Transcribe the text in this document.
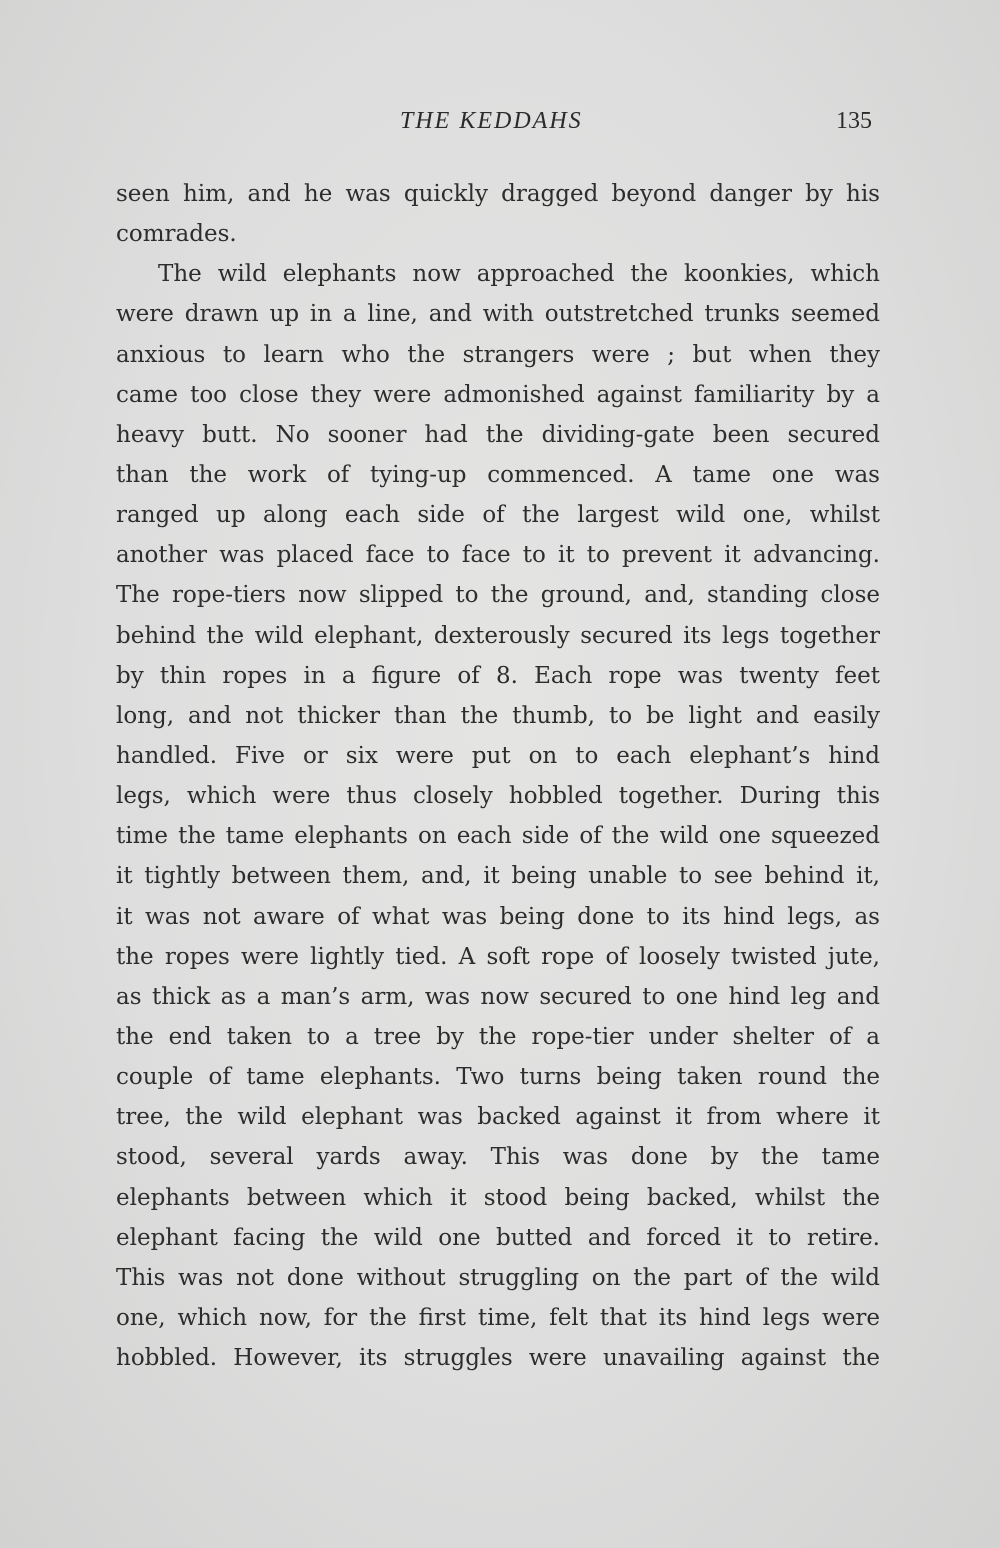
THE KEDDAHS	135
seen him, and he was quickly dragged beyond danger by his
comrades.
The wild elephants now approached the koonkies, which
were drawn up in a line, and with outstretched trunks seemed
anxious to learn who the strangers were ; but when they
came too close they were admonished against familiarity by a
heavy butt. No sooner had the dividing-gate been secured
than the work of tying-up commenced. A tame one was
ranged up along each side of the largest wild one, whilst
another was placed face to face to it to prevent it advancing.
The rope-tiers now slipped to the ground, and, standing close
behind the wild elephant, dexterously secured its legs together
by thin ropes in a figure of 8. Each rope was twenty feet
long, and not thicker than the thumb, to be light and easily
handled. Five or six were put on to each elephant’s hind
legs, which were thus closely hobbled together. During this
time the tame elephants on each side of the wild one squeezed
it tightly between them, and, it being unable to see behind it,
it was not aware of what was being done to its hind legs, as
the ropes were lightly tied. A soft rope of loosely twisted jute,
as thick as a man’s arm, was now secured to one hind leg and
the end taken to a tree by the rope-tier under shelter of a
couple of tame elephants. Two turns being taken round the
tree, the wild elephant was backed against it from where it
stood, several yards away. This was done by the tame
elephants between which it stood being backed, whilst the
elephant facing the wild one butted and forced it to retire.
This was not done without struggling on the part of the wild
one, which now, for the first time, felt that its hind legs were
hobbled. However, its struggles were unavailing against the
